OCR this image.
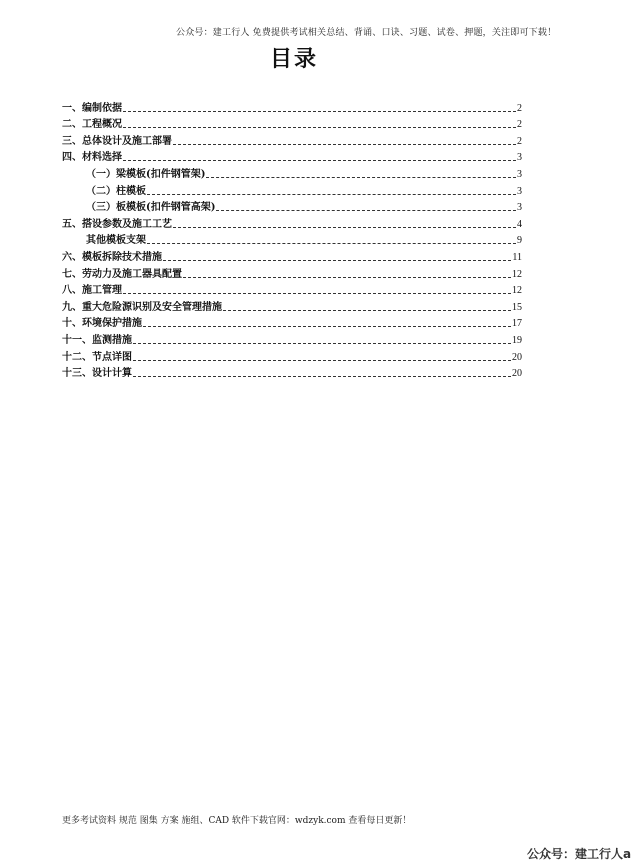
公众号：建工行人 免费提供考试相关总结、背诵、口诀、习题、试卷、押题，关注即可下载！
目录
一、编制依据	2
二、工程概况	2
三、总体设计及施工部署	2
四、材料选择	3
（一）梁模板(扣件钢管架)	3
（二）柱模板	3
（三）板模板(扣件钢管高架)	3
五、搭设参数及施工工艺	4
其他模板支架	9
六、模板拆除技术措施	11
七、劳动力及施工器具配置	12
八、施工管理	12
九、重大危险源识别及安全管理措施	15
十、环境保护措施	17
十一、监测措施	19
十二、节点详图	20
十三、设计计算	20
更多考试资料 规范 图集 方案 施组、CAD 软件下载官网：wdzyk.com 查看每日更新！
公众号：建工行人a
